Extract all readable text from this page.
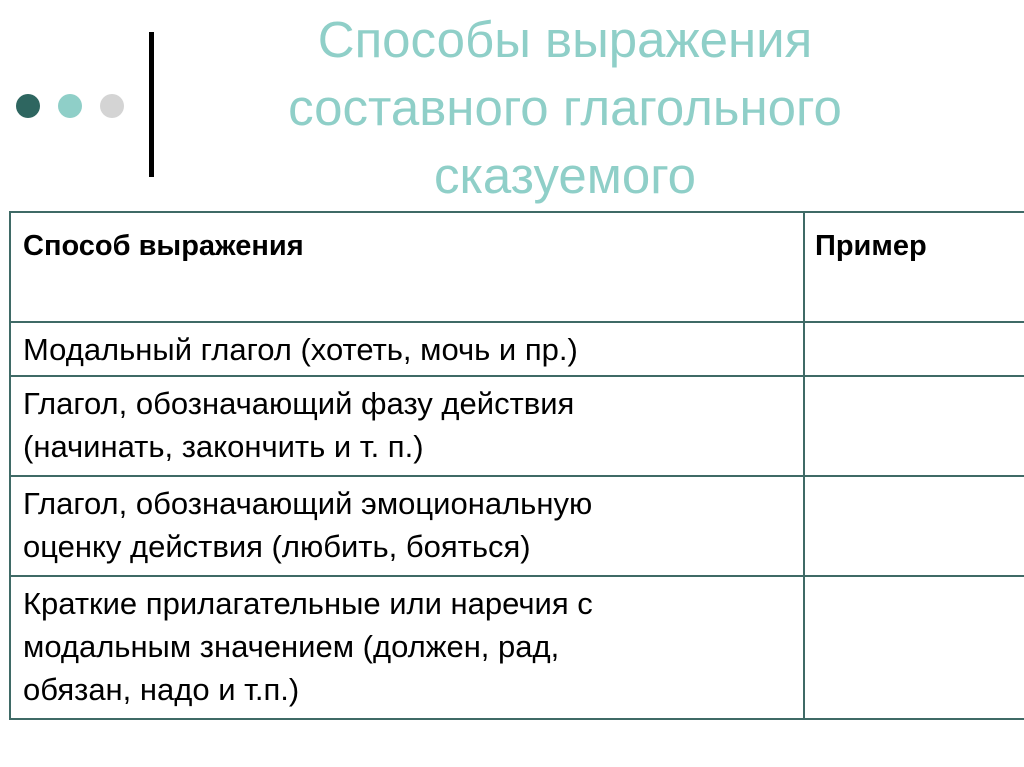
Способы выражения
составного глагольного
сказуемого
Способ выражения	Пример

Модальный глагол (хотеть, мочь и пр.)	

Глагол, обозначающий фазу действия
(начинать, закончить и т. п.)	

Глагол, обозначающий эмоциональную
оценку действия (любить, бояться)	

Краткие прилагательные или наречия с
модальным значением (должен, рад,
обязан, надо и т.п.)	
